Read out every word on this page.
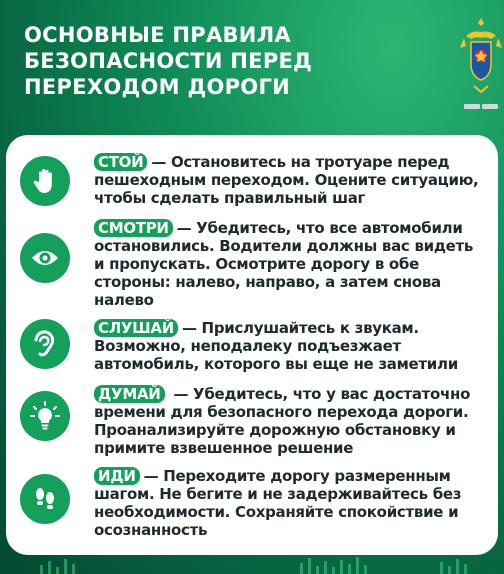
ОСНОВНЫЕ ПРАВИЛА
БЕЗОПАСНОСТИ ПЕРЕД
ПЕРЕХОДОМ ДОРОГИ
СТОЙ — Остановитесь на тротуаре перед пешеходным переходом. Оцените ситуацию, чтобы сделать правильный шаг
СМОТРИ — Убедитесь, что все автомобили остановились. Водители должны вас видеть и пропускать. Осмотрите дорогу в обе стороны: налево, направо, а затем снова налево
СЛУШАЙ — Прислушайтесь к звукам. Возможно, неподалеку подъезжает автомобиль, которого вы еще не заметили
ДУМАЙ — Убедитесь, что у вас достаточно времени для безопасного перехода дороги. Проанализируйте дорожную обстановку и примите взвешенное решение
ИДИ — Переходите дорогу размеренным шагом. Не бегите и не задерживайтесь без необходимости. Сохраняйте спокойствие и осознанность
